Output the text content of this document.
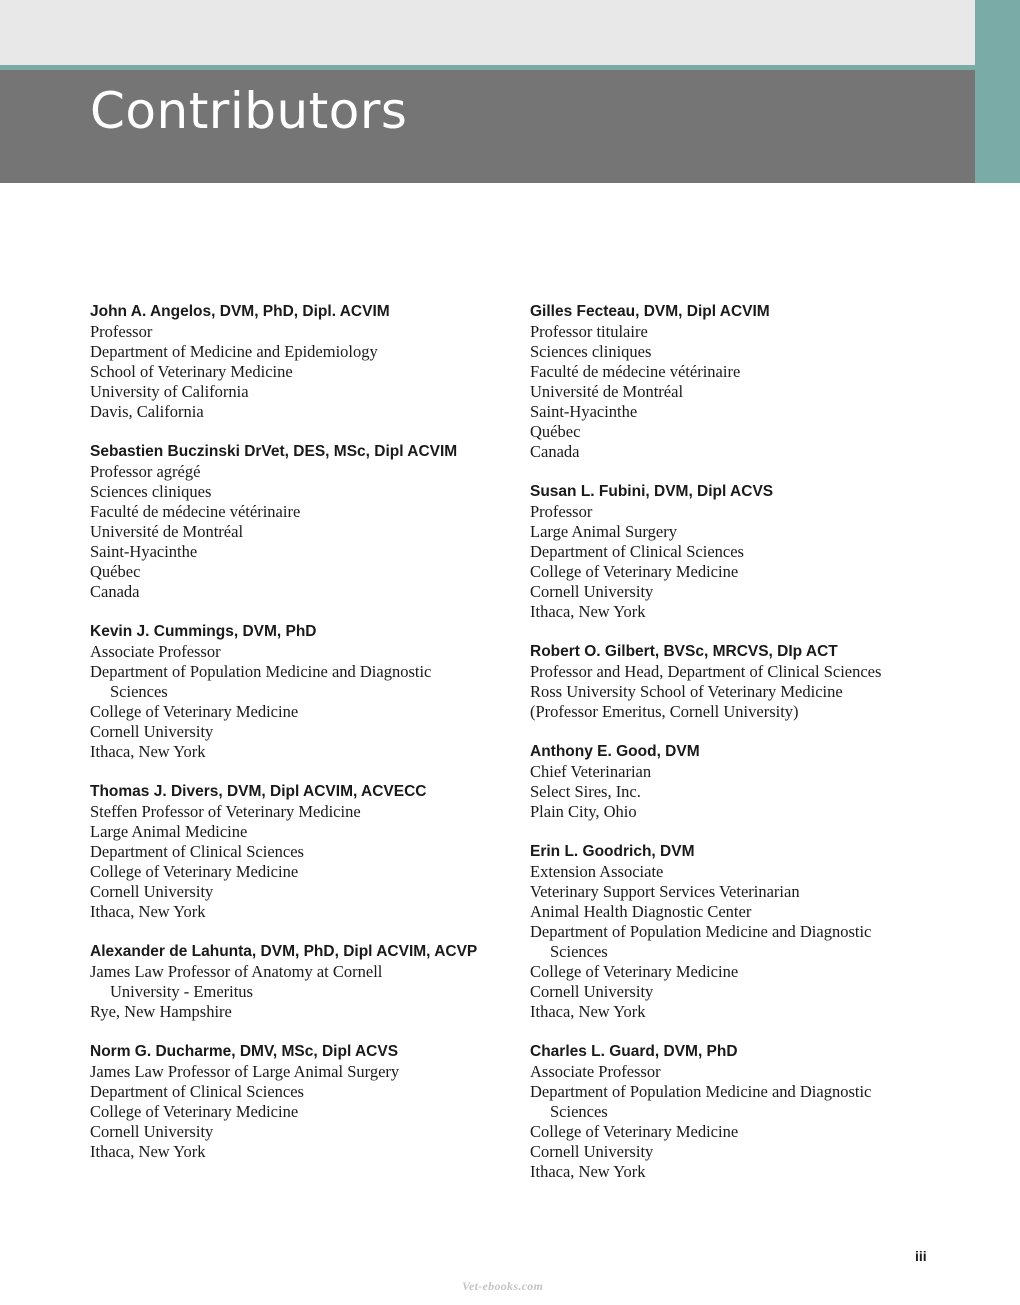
Contributors
John A. Angelos, DVM, PhD, Dipl. ACVIM
Professor
Department of Medicine and Epidemiology
School of Veterinary Medicine
University of California
Davis, California
Sebastien Buczinski DrVet, DES, MSc, Dipl ACVIM
Professor agrégé
Sciences cliniques
Faculté de médecine vétérinaire
Université de Montréal
Saint-Hyacinthe
Québec
Canada
Kevin J. Cummings, DVM, PhD
Associate Professor
Department of Population Medicine and Diagnostic
Sciences
College of Veterinary Medicine
Cornell University
Ithaca, New York
Thomas J. Divers, DVM, Dipl ACVIM, ACVECC
Steffen Professor of Veterinary Medicine
Large Animal Medicine
Department of Clinical Sciences
College of Veterinary Medicine
Cornell University
Ithaca, New York
Alexander de Lahunta, DVM, PhD, Dipl ACVIM, ACVP
James Law Professor of Anatomy at Cornell
University - Emeritus
Rye, New Hampshire
Norm G. Ducharme, DMV, MSc, Dipl ACVS
James Law Professor of Large Animal Surgery
Department of Clinical Sciences
College of Veterinary Medicine
Cornell University
Ithaca, New York
Gilles Fecteau, DVM, Dipl ACVIM
Professor titulaire
Sciences cliniques
Faculté de médecine vétérinaire
Université de Montréal
Saint-Hyacinthe
Québec
Canada
Susan L. Fubini, DVM, Dipl ACVS
Professor
Large Animal Surgery
Department of Clinical Sciences
College of Veterinary Medicine
Cornell University
Ithaca, New York
Robert O. Gilbert, BVSc, MRCVS, DIp ACT
Professor and Head, Department of Clinical Sciences
Ross University School of Veterinary Medicine
(Professor Emeritus, Cornell University)
Anthony E. Good, DVM
Chief Veterinarian
Select Sires, Inc.
Plain City, Ohio
Erin L. Goodrich, DVM
Extension Associate
Veterinary Support Services Veterinarian
Animal Health Diagnostic Center
Department of Population Medicine and Diagnostic
Sciences
College of Veterinary Medicine
Cornell University
Ithaca, New York
Charles L. Guard, DVM, PhD
Associate Professor
Department of Population Medicine and Diagnostic
Sciences
College of Veterinary Medicine
Cornell University
Ithaca, New York
iii
Vet-ebooks.com
